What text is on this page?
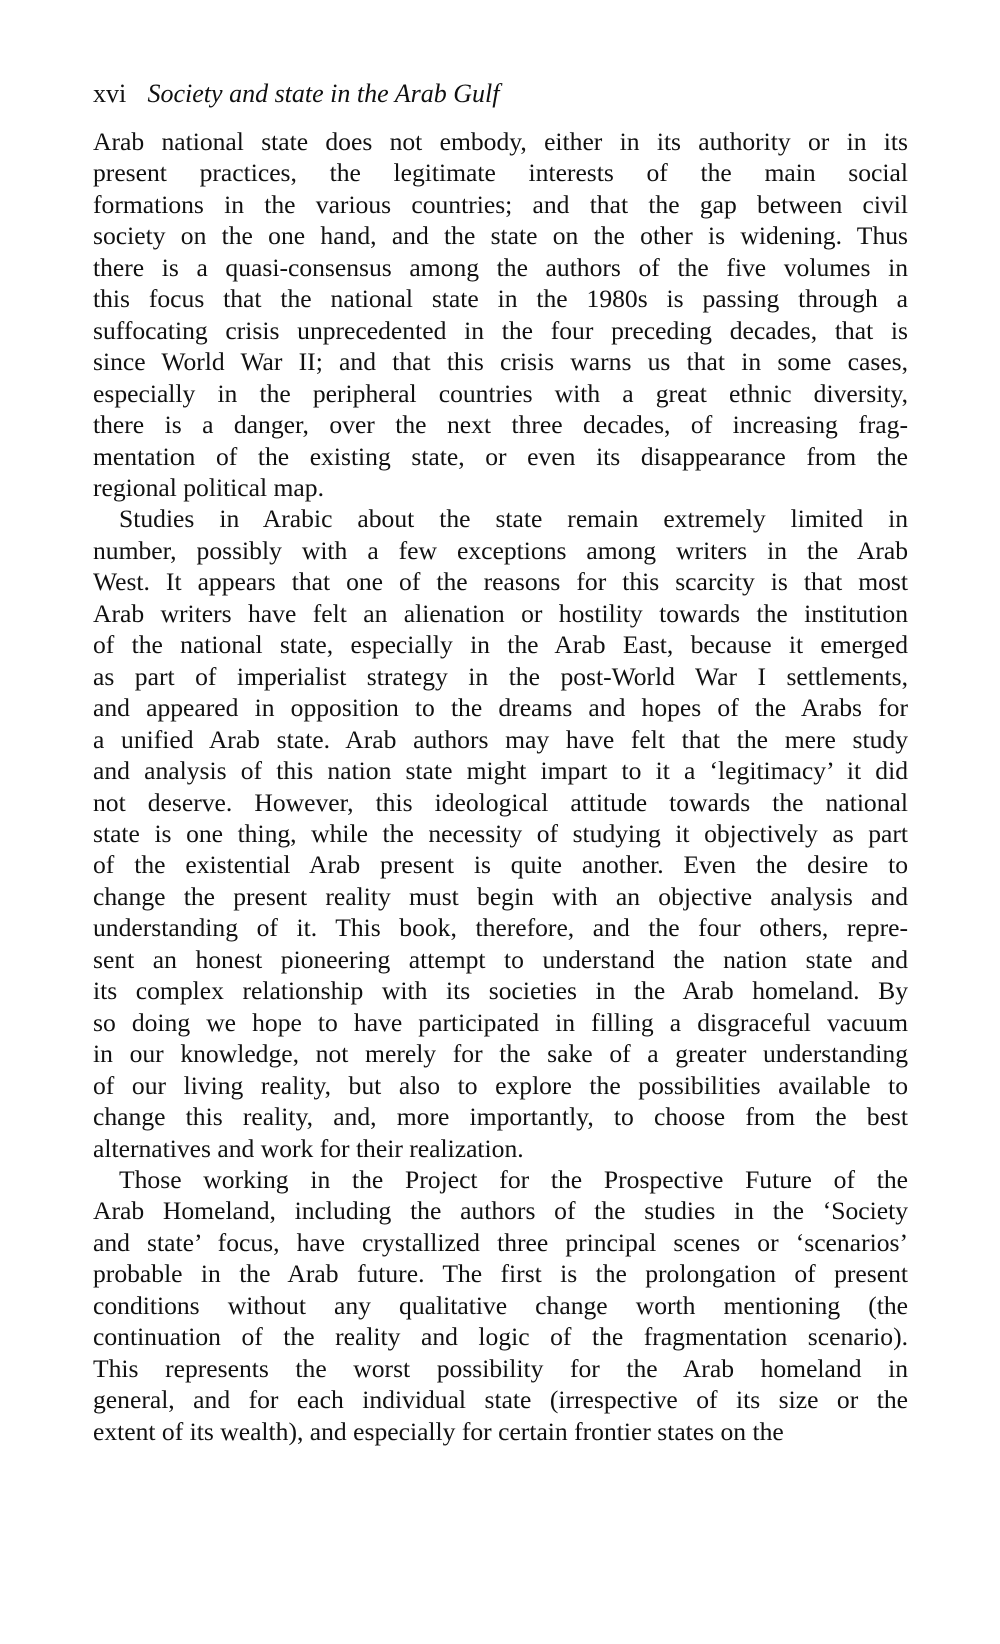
xvi Society and state in the Arab Gulf
Arab national state does not embody, either in its authority or in its
present practices, the legitimate interests of the main social
formations in the various countries; and that the gap between civil
society on the one hand, and the state on the other is widening. Thus
there is a quasi-consensus among the authors of the five volumes in
this focus that the national state in the 1980s is passing through a
suffocating crisis unprecedented in the four preceding decades, that is
since World War II; and that this crisis warns us that in some cases,
especially in the peripheral countries with a great ethnic diversity,
there is a danger, over the next three decades, of increasing frag-
mentation of the existing state, or even its disappearance from the
regional political map.
Studies in Arabic about the state remain extremely limited in
number, possibly with a few exceptions among writers in the Arab
West. It appears that one of the reasons for this scarcity is that most
Arab writers have felt an alienation or hostility towards the institution
of the national state, especially in the Arab East, because it emerged
as part of imperialist strategy in the post-World War I settlements,
and appeared in opposition to the dreams and hopes of the Arabs for
a unified Arab state. Arab authors may have felt that the mere study
and analysis of this nation state might impart to it a ‘legitimacy’ it did
not deserve. However, this ideological attitude towards the national
state is one thing, while the necessity of studying it objectively as part
of the existential Arab present is quite another. Even the desire to
change the present reality must begin with an objective analysis and
understanding of it. This book, therefore, and the four others, repre-
sent an honest pioneering attempt to understand the nation state and
its complex relationship with its societies in the Arab homeland. By
so doing we hope to have participated in filling a disgraceful vacuum
in our knowledge, not merely for the sake of a greater understanding
of our living reality, but also to explore the possibilities available to
change this reality, and, more importantly, to choose from the best
alternatives and work for their realization.
Those working in the Project for the Prospective Future of the
Arab Homeland, including the authors of the studies in the ‘Society
and state’ focus, have crystallized three principal scenes or ‘scenarios’
probable in the Arab future. The first is the prolongation of present
conditions without any qualitative change worth mentioning (the
continuation of the reality and logic of the fragmentation scenario).
This represents the worst possibility for the Arab homeland in
general, and for each individual state (irrespective of its size or the
extent of its wealth), and especially for certain frontier states on the
